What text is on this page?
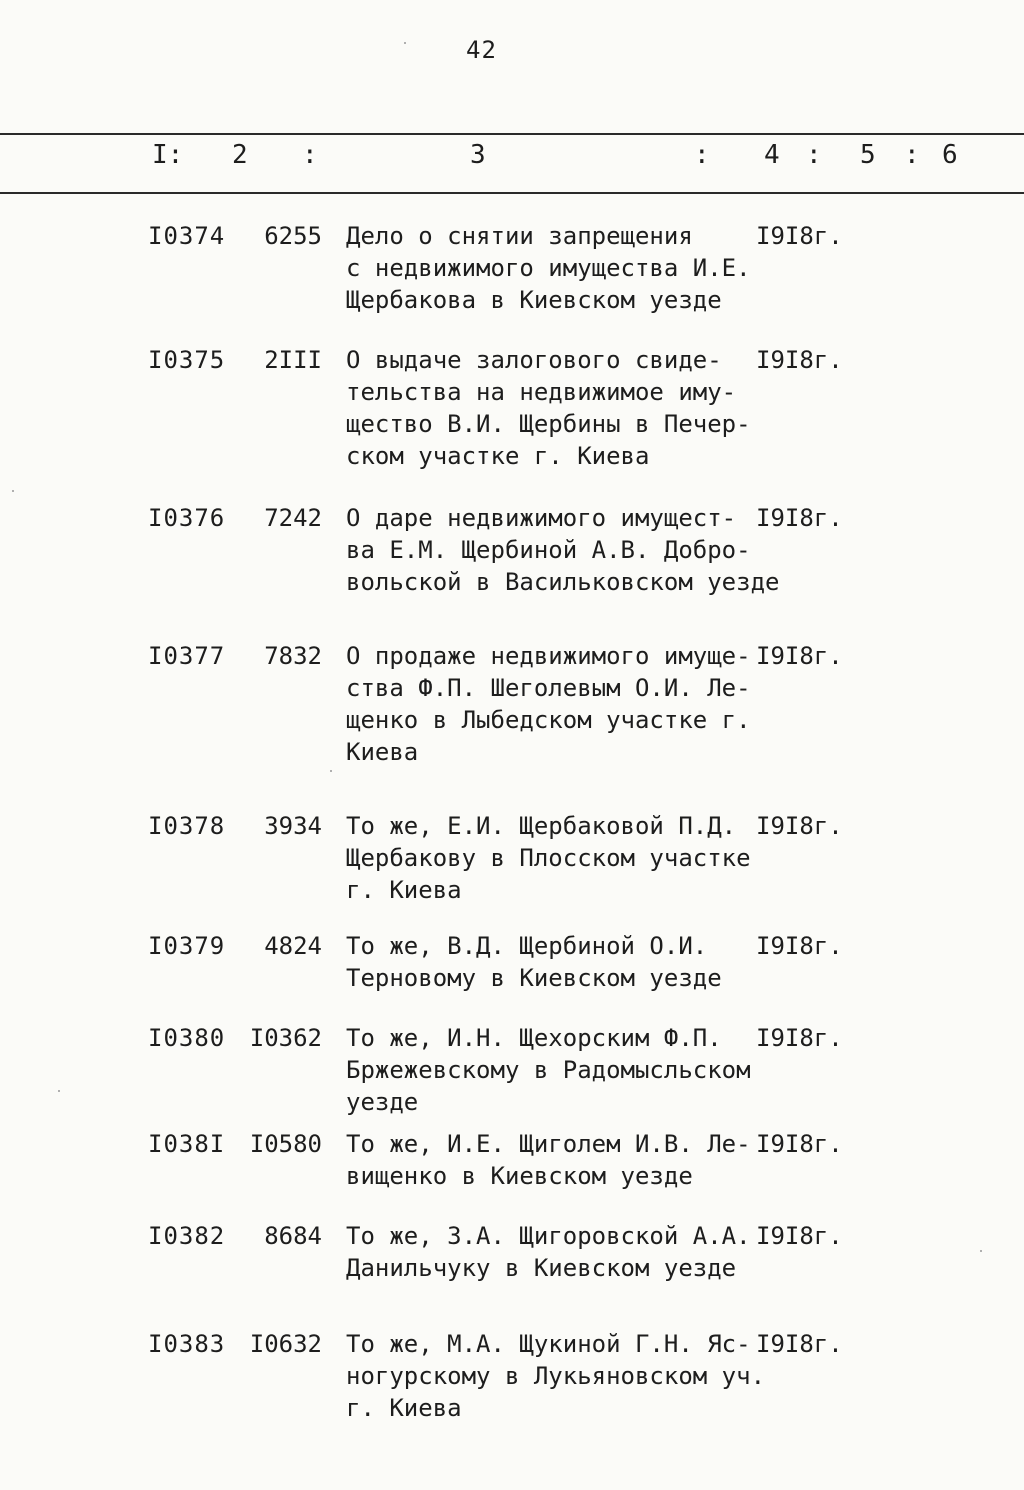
42
I: 2 :	3	: 4 : 5 : 6
I0374	6255 Дело о снятии запрещения
с недвижимого имущества И.Е.
Щербакова в Киевском уезде
I9I8г.
I0375	2III О выдаче залогового свиде-
тельства на недвижимое иму-
щество В.И. Щербины в Печер-
ском участке г. Киева
I9I8г.
I0376	7242 О даре недвижимого имущест-
ва Е.М. Щербиной А.В. Добро-
вольской в Васильковском уезде
I9I8г.
I0377	7832 О продаже недвижимого имуще-
ства Ф.П. Шеголевым О.И. Ле-
щенко в Лыбедском участке г.
Киева
I9I8г.
I0378	3934 То же, Е.И. Щербаковой П.Д.
Щербакову в Плосском участке
г. Киева
I9I8г.
I0379	4824 То же, В.Д. Щербиной О.И.
Терновому в Киевском уезде
I9I8г.
I0380 I0362 То же, И.Н. Щехорским Ф.П.
Бржежевскому в Радомысльском
уезде
I9I8г.
I038I I0580 То же, И.Е. Щиголем И.В. Ле-
вищенко в Киевском уезде
I9I8г.
I0382	8684 То же, З.А. Щигоровской А.А.
Данильчуку в Киевском уезде
I9I8г.
I0383 I0632 То же, М.А. Щукиной Г.Н. Яс-
ногурскому в Лукьяновском уч.
г. Киева
I9I8г.
